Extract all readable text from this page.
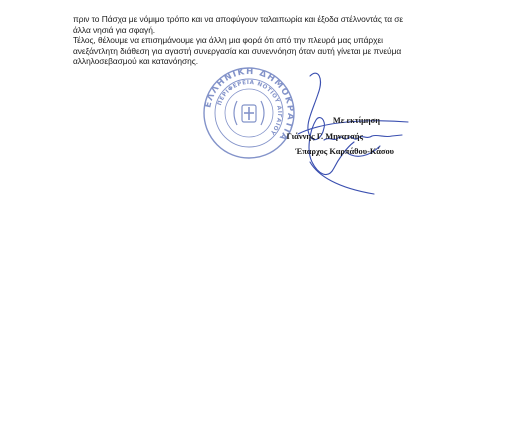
πριν το Πάσχα με νόμιμο τρόπο και να αποφύγουν ταλαιπωρία και έξοδα στέλνοντάς τα σε
άλλα νησιά για σφαγή.
Τέλος, θέλουμε να επισημάνουμε για άλλη μια φορά ότι από την πλευρά μας υπάρχει
ανεξάντλητη διάθεση για αγαστή συνεργασία και συνεννόηση όταν αυτή γίνεται με πνεύμα
αλληλοσεβασμού και κατανόησης.
ΕΛΛΗΝΙΚΗ ΔΗΜΟΚΡΑΤΙΑ
ΠΕΡΙΦΕΡΕΙΑ ΝΟΤΙΟΥ ΑΙΓΑΙΟΥ
Με εκτίμηση
Γιάννης Γ. Μηνατσής
Έπαρχος Καρπάθου-Κάσου
